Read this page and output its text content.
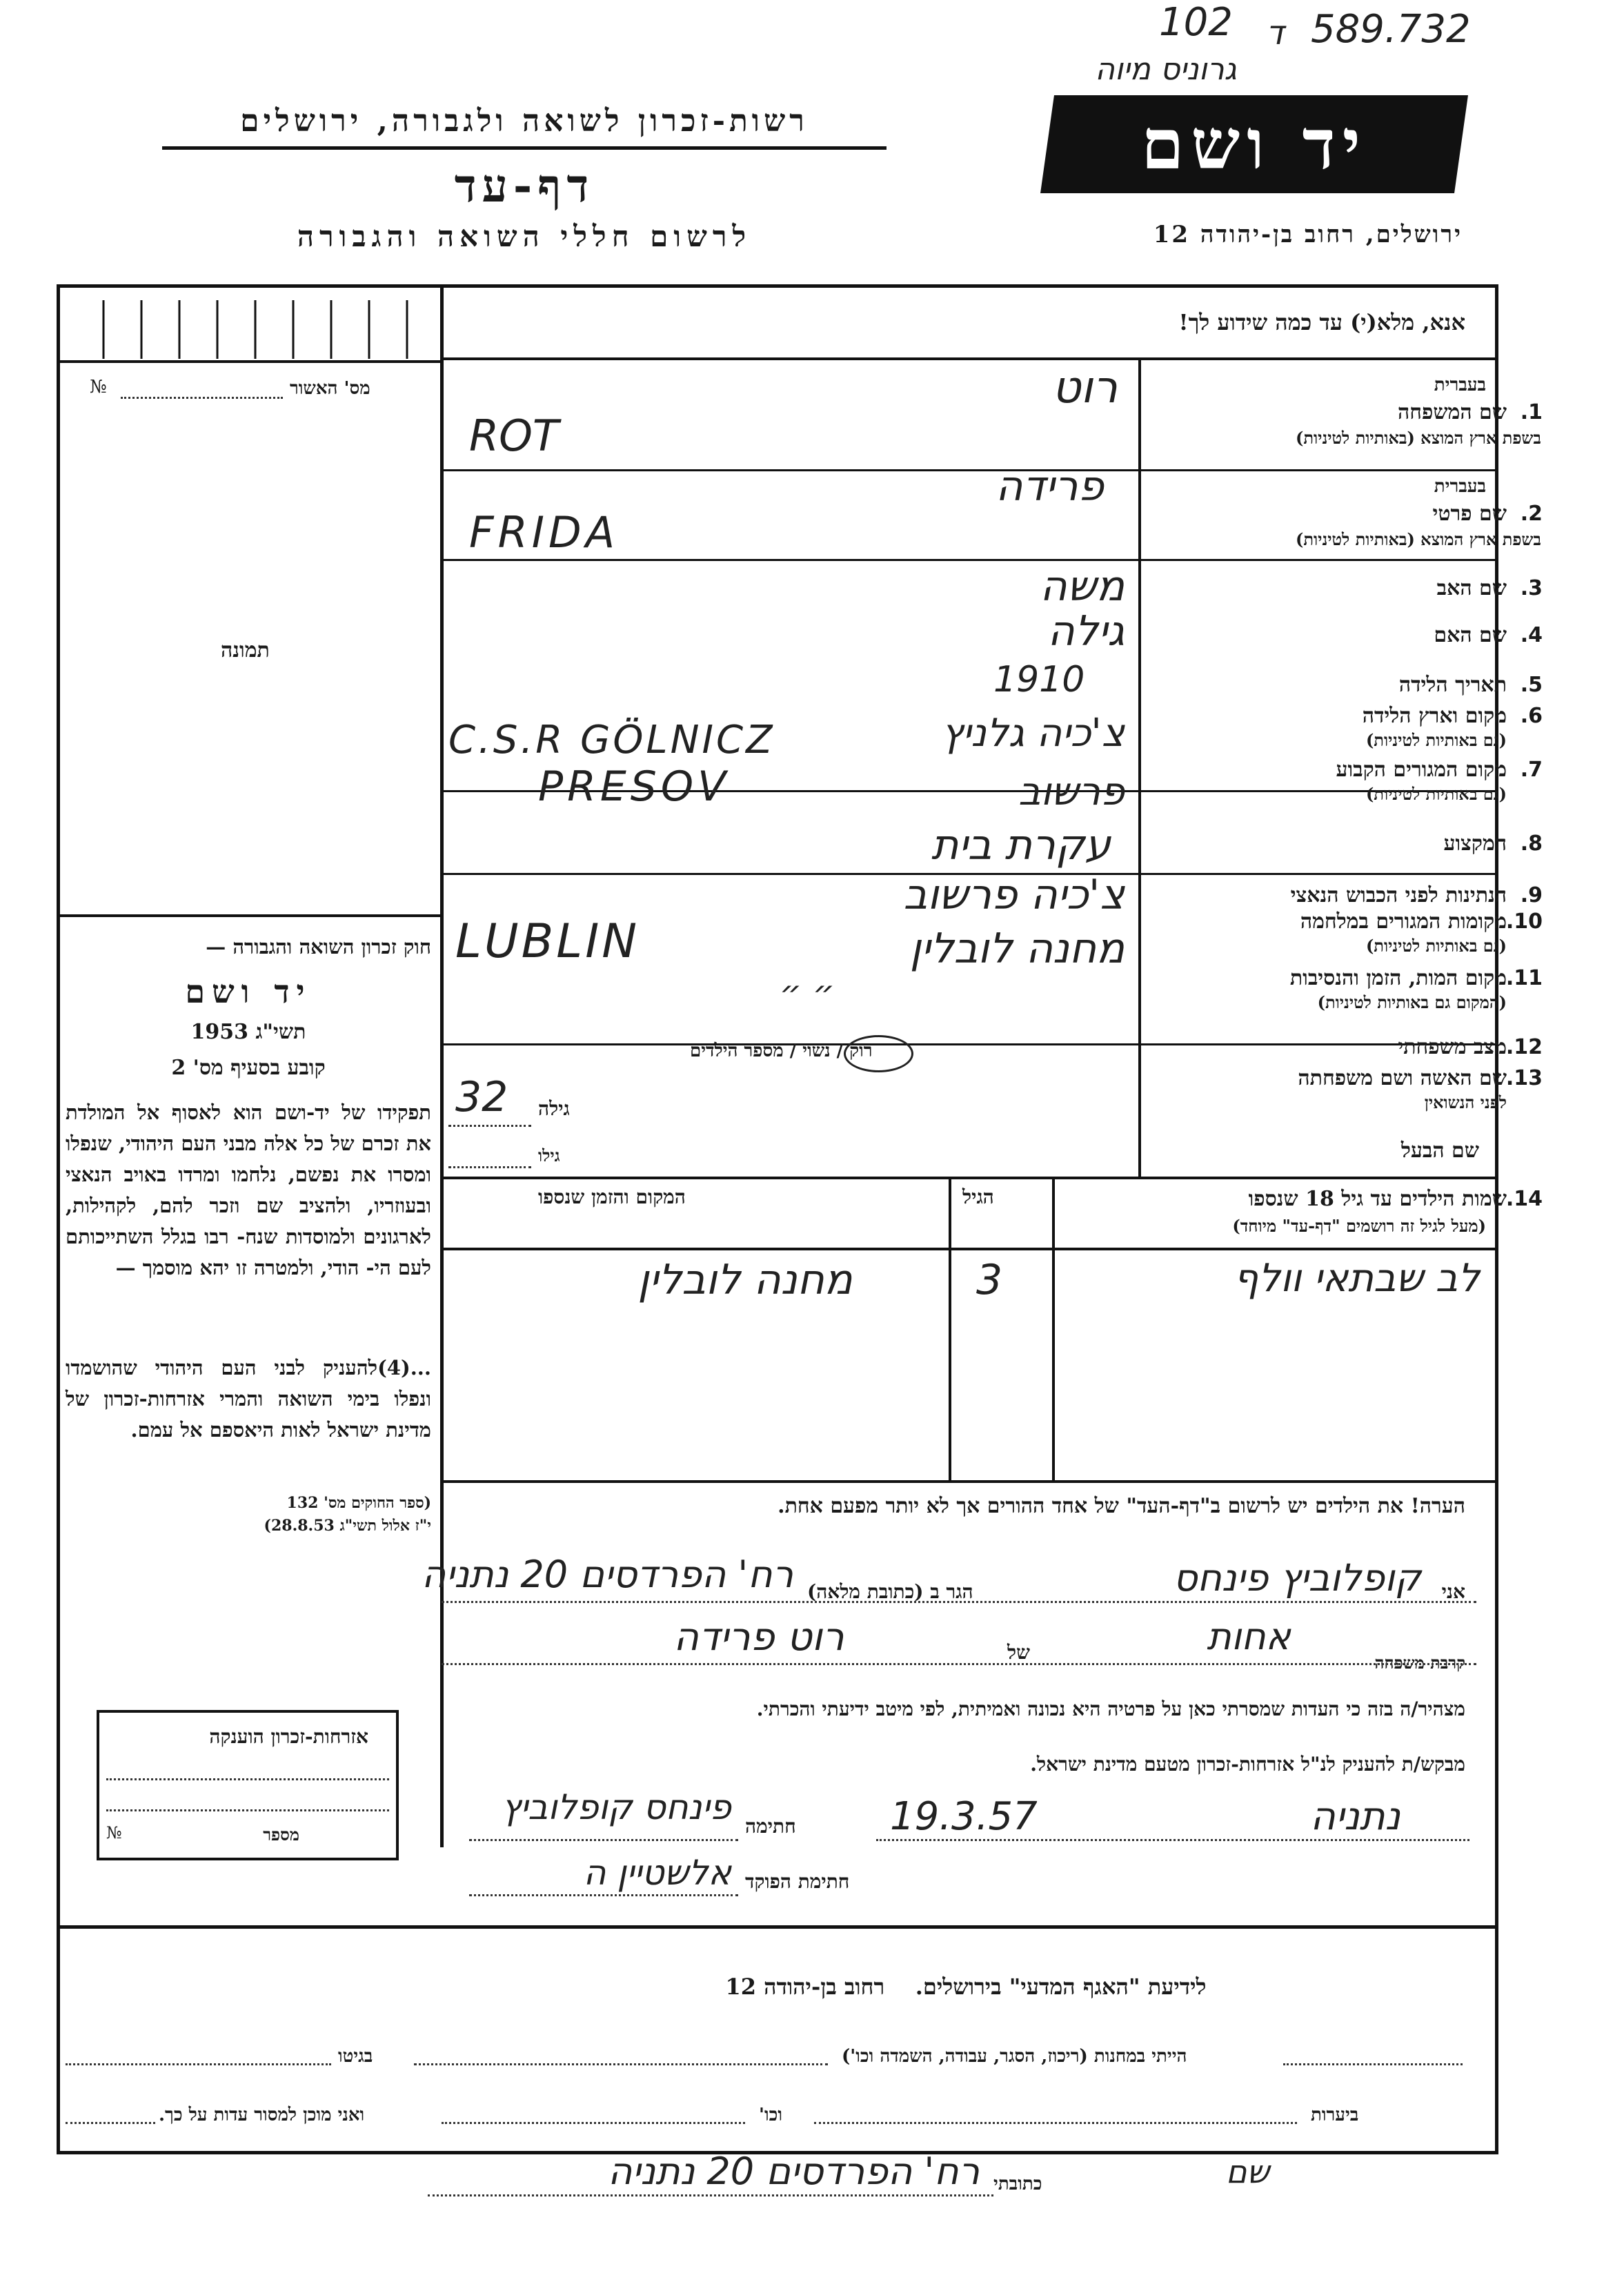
102 589.732
ד
גרוניס מיוה
רשות-זכרון לשואה ולגבורה, ירושלים
דף-עד
לרשום חללי השואה והגבורה
יד ושם
ירושלים, רחוב בן-יהודה 12
אנא, מלא(י) עד כמה שידוע לך!
מס' האשור
№
תמונה
חוק זכרון השואה והגבורה —
יד ושם
תשי"ג 1953
קובע בסעיף מס' 2
תפקידו של יד-ושם הוא לאסוף אל המולדת את זכרם של כל אלה מבני העם היהודי, שנפלו ומסרו את נפשם, נלחמו ומרדו באויב הנאצי ובעוזריו, ולהציב שם וזכר להם, לקהילות, לארגונים ולמוסדות שנח- רבו בגלל השתייכותם לעם הי- הודי, ולמטרה זו יהא מוסמך —
...(4)להעניק לבני העם היהודי שהושמדו ונפלו בימי השואה והמרי אזרחות-זכרון של מדינת ישראל לאות היאספם אל עמם.
(ספר החוקים מס' 132
י"ז אלול תשי"ג 28.8.53)
אזרחות-זכרון הוענקה
מספר
№
1.
שם המשפחה
בעברית
בשפת ארץ המוצא (באותיות לטיניות)
2.
שם פרטי
בעברית
בשפת ארץ המוצא (באותיות לטיניות)
3.
שם האב
4.
שם האם
5.
תאריך הלידה
6.
מקום וארץ הלידה
(גם באותיות לטיניות)
7.
מקום המגורים הקבוע
(גם באותיות לטיניות)
8.
המקצוע
9.
הנתינות לפני הכבוש הנאצי
10.
מקומות המגורים במלחמה
(גם באותיות לטיניות)
11.
מקום המות, הזמן והנסיבות
(המקום גם באותיות לטיניות)
12.
מצב משפחתי
13.
שם האשה ושם משפחתה
לפני הנשואין
שם הבעל
רוט
ROT
פרידה
FRIDA
משה
גילה
1910
צ'כיה גלניץ
C.S.R GÖLNICZ
פרשוב
PRESOV
עקרת בית
צ'כיה פרשוב
מחנה לובלין
LUBLIN
״ ״
רוק / נשוי / מספר הילדים
גילה
32
גילו
14.
שמות הילדים עד גיל 18 שנספו
(מעל לגיל זה רושמים "דף-עד" מיוחד)
הגיל
המקום והזמן שנספו
לב שבתאי וולף
3
מחנה לובלין
הערה! את הילדים יש לרשום ב"דף-העד" של אחד ההורים אך לא יותר מפעם אחת.
אני
קופלוביץ פינחס
הגר ב (כתובת מלאה)
רח' הפרדסים 20 נתניה
קרבת משפחה
אחות
של
רוט פרידה
מצהיר/ה בזה כי העדות שמסרתי כאן על פרטיה היא נכונה ואמיתית, לפי מיטב ידיעתי והכרתי.
מבקש/ת להעניק לנ"ל אזרחות-זכרון מטעם מדינת ישראל.
נתניה
19.3.57
חתימה
פינחס קופלוביץ
חתימת הפוקד
אלשטיין ה
לידיעת "האגף המדעי" בירושלים.    רחוב בן-יהודה 12
הייתי במחנות (ריכוז, הסגר, עבודה, השמדה וכו')
בגיטו
ביערות
וכו'
ואני מוכן למסור עדות על כך.
שם
כתובתי
רח' הפרדסים 20 נתניה
